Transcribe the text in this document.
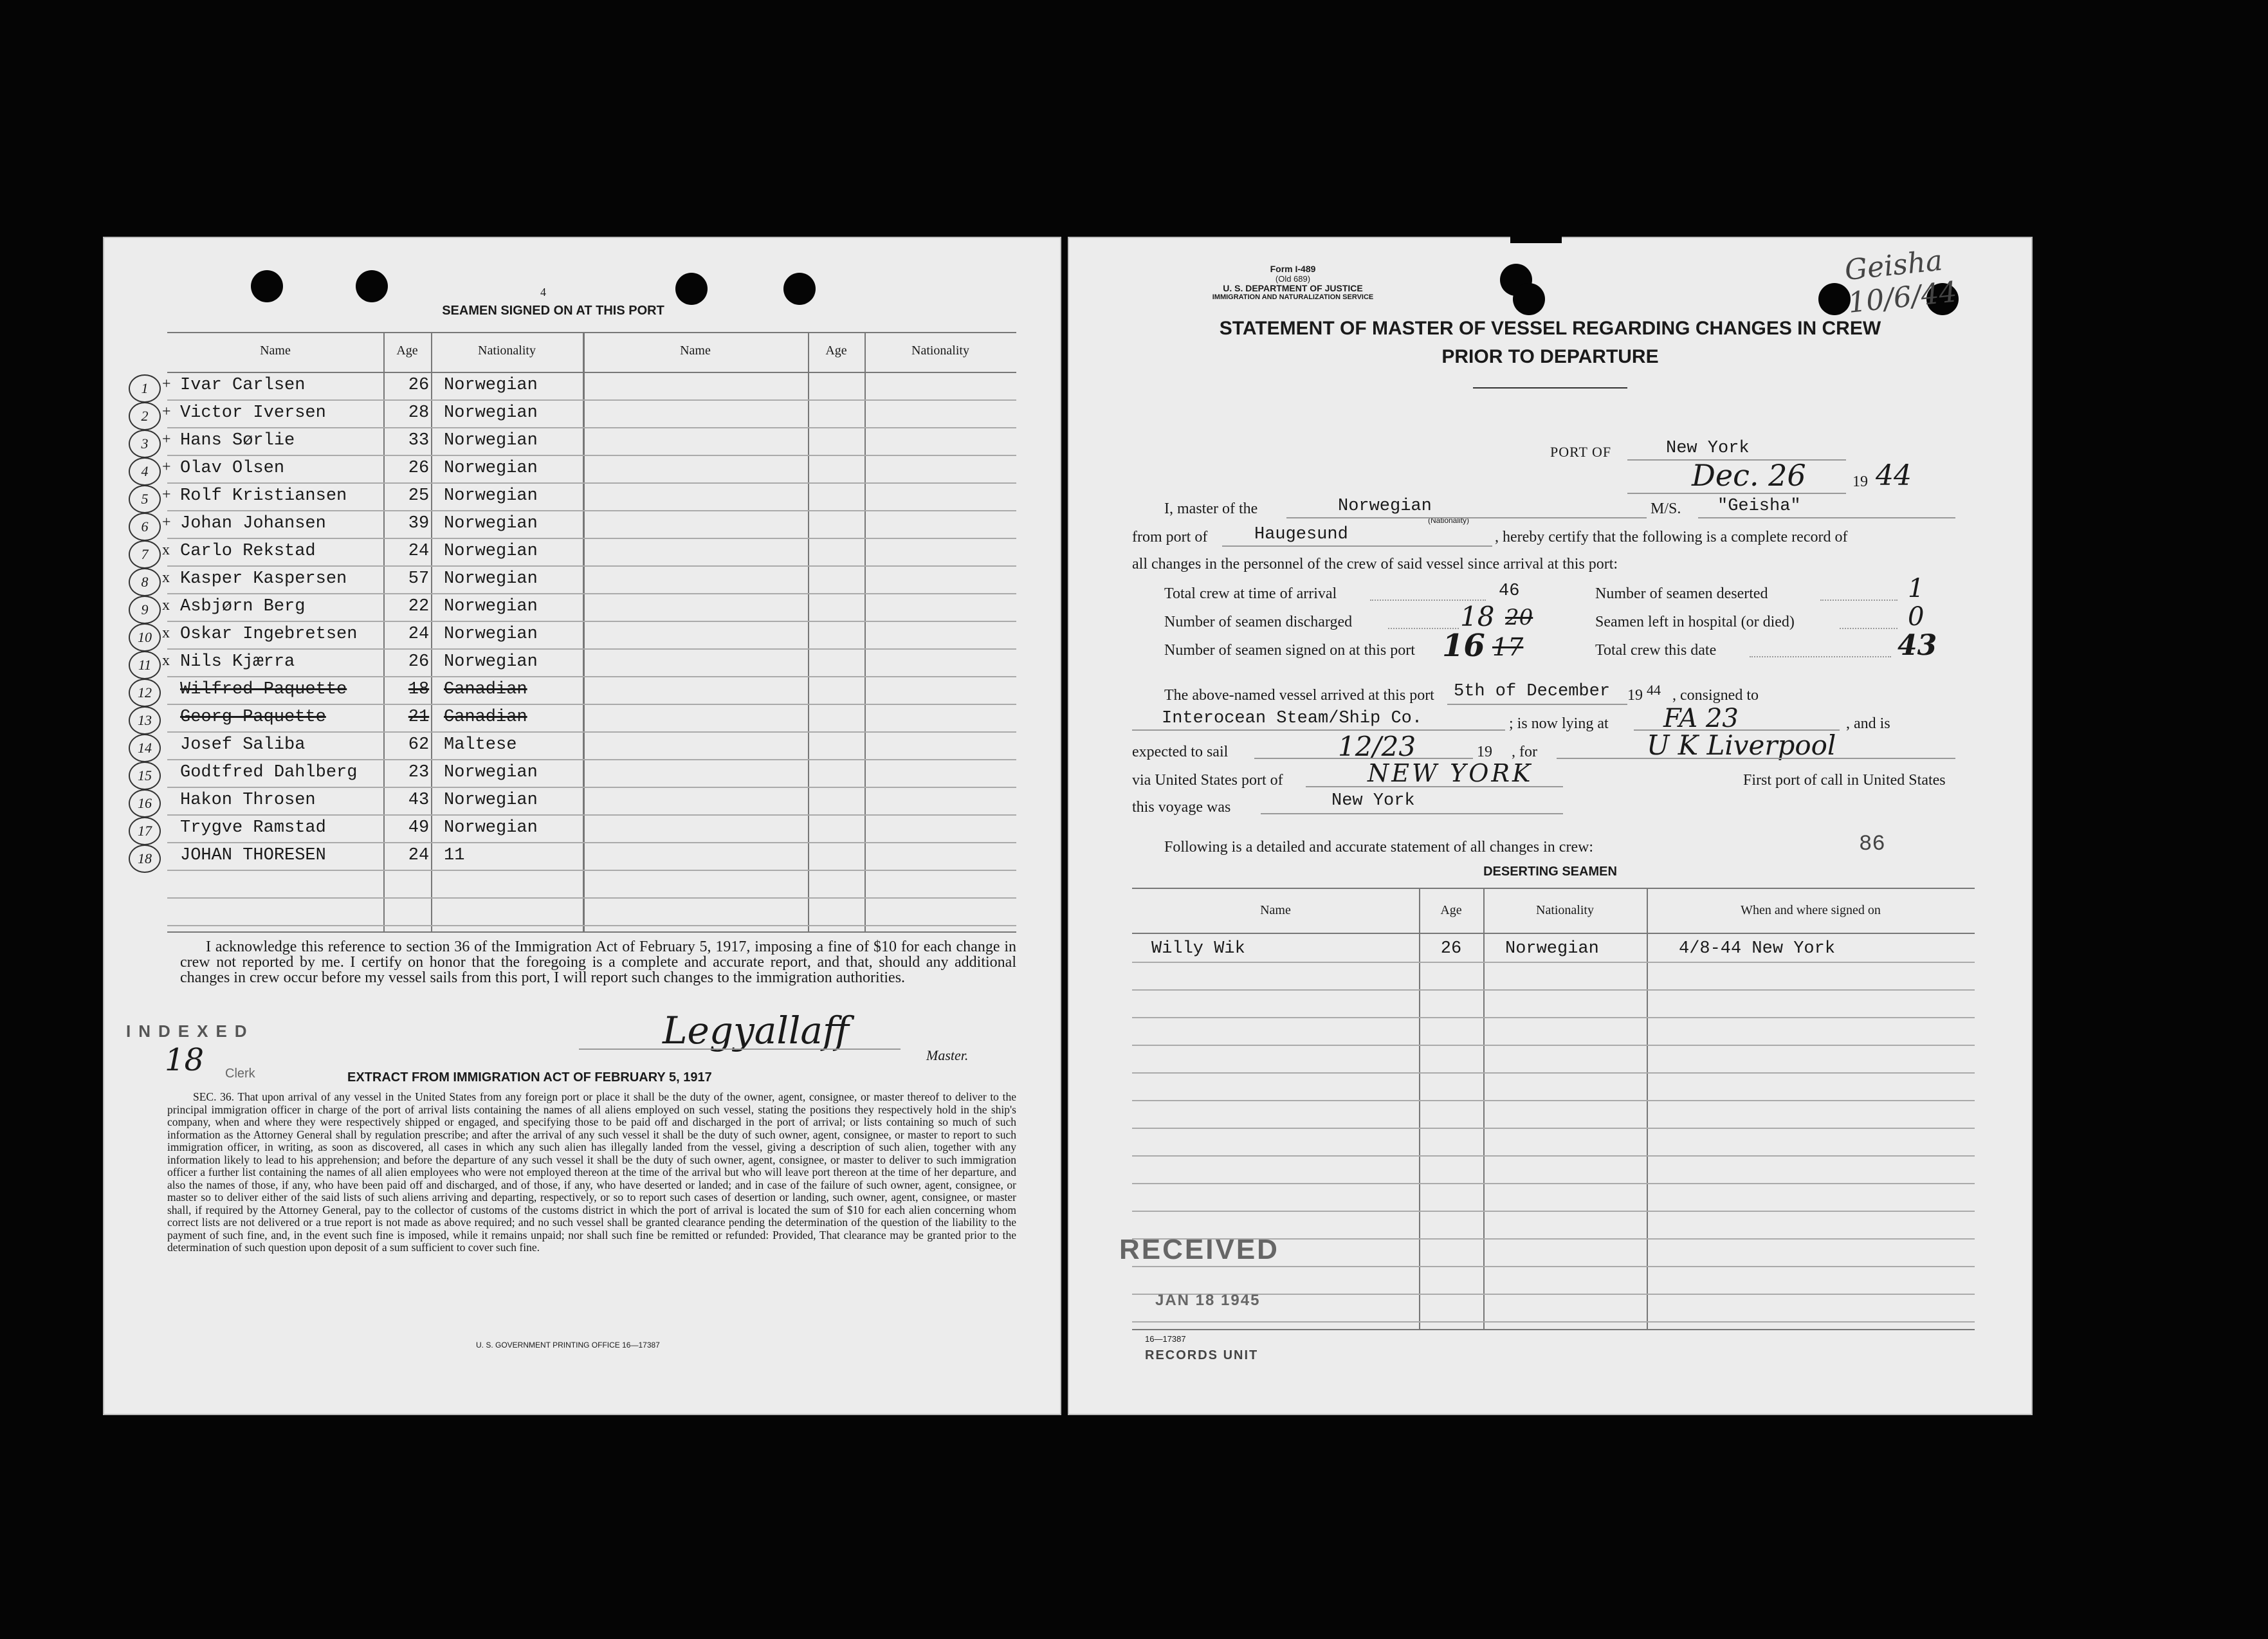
4
SEAMEN SIGNED ON AT THIS PORT
Name	Age	Nationality	Name	Age	Nationality
1 + Ivar Carlsen	26 Norwegian
2 + Victor Iversen	28 Norwegian
3 + Hans Sørlie	33 Norwegian
4 + Olav Olsen	26 Norwegian
5 + Rolf Kristiansen	25 Norwegian
6 + Johan Johansen	39 Norwegian
7 x Carlo Rekstad	24 Norwegian
8 x Kasper Kaspersen	57 Norwegian
9 x Asbjørn Berg	22 Norwegian
10 x Oskar Ingebretsen	24 Norwegian
11 x Nils Kjærra	26 Norwegian
12	Wilfred Paquette	18 Canadian
13	Georg Paquette	21 Canadian
14	Josef Saliba	62 Maltese
15	Godtfred Dahlberg	23 Norwegian
16	Hakon Throsen	43 Norwegian
17	Trygve Ramstad	49 Norwegian
18	JOHAN THORESEN	24 11
I acknowledge this reference to section 36 of the Immigration Act of February 5, 1917, imposing a fine of $10 for each change in crew not reported by me. I certify on honor that the foregoing is a complete and accurate report, and that, should any additional changes in crew occur before my vessel sails from this port, I will report such changes to the immigration authorities.
INDEXED
18 Clerk
Legyallaff
Master.
EXTRACT FROM IMMIGRATION ACT OF FEBRUARY 5, 1917
SEC. 36. That upon arrival of any vessel in the United States from any foreign port or place it shall be the duty of the owner, agent, consignee, or master thereof to deliver to the principal immigration officer in charge of the port of arrival lists containing the names of all aliens employed on such vessel, stating the positions they respectively hold in the ship's company, when and where they were respectively shipped or engaged, and specifying those to be paid off and discharged in the port of arrival; or lists containing so much of such information as the Attorney General shall by regulation prescribe; and after the arrival of any such vessel it shall be the duty of such owner, agent, consignee, or master to report to such immigration officer, in writing, as soon as discovered, all cases in which any such alien has illegally landed from the vessel, giving a description of such alien, together with any information likely to lead to his apprehension; and before the departure of any such vessel it shall be the duty of such owner, agent, consignee, or master to deliver to such immigration officer a further list containing the names of all alien employees who were not employed thereon at the time of the arrival but who will leave port thereon at the time of her departure, and also the names of those, if any, who have been paid off and discharged, and of those, if any, who have deserted or landed; and in case of the failure of such owner, agent, consignee, or master so to deliver either of the said lists of such aliens arriving and departing, respectively, or so to report such cases of desertion or landing, such owner, agent, consignee, or master shall, if required by the Attorney General, pay to the collector of customs of the customs district in which the port of arrival is located the sum of $10 for each alien concerning whom correct lists are not delivered or a true report is not made as above required; and no such vessel shall be granted clearance pending the determination of the question of the liability to the payment of such fine, and, in the event such fine is imposed, while it remains unpaid; nor shall such fine be remitted or refunded: Provided, That clearance may be granted prior to the determination of such question upon deposit of a sum sufficient to cover such fine.
U. S. GOVERNMENT PRINTING OFFICE 16—17387
Form I-489
(Old 689)
U. S. DEPARTMENT OF JUSTICE
IMMIGRATION AND NATURALIZATION SERVICE
Geisha 10/6/44
STATEMENT OF MASTER OF VESSEL REGARDING CHANGES IN CREW
PRIOR TO DEPARTURE
PORT OF	New York
Dec. 26	19 44
I, master of the	Norwegian
(Nationality)
M/S. "Geisha"
from port of	Haugesund	, hereby certify that the following is a complete record of
all changes in the personnel of the crew of said vessel since arrival at this port:
Total crew at time of arrival	46	Number of seamen deserted	1
Number of seamen discharged	18 20	Seamen left in hospital (or died)	0
Number of seamen signed on at this port 16 17	Total crew this date	43
The above-named vessel arrived at this port 5th of December 19 44 , consigned to
Interocean Steam/Ship Co.	; is now lying at FA 23	, and is
expected to sail	12/23	19 , for	U K Liverpool
via United States port of	NEW YORK	First port of call in United States
this voyage was	New York
Following is a detailed and accurate statement of all changes in crew:	86
DESERTING SEAMEN
Name	Age	Nationality	When and where signed on
Willy Wik	26	Norwegian	4/8-44 New York
RECEIVED
JAN 18 1945
16—17387
RECORDS UNIT
